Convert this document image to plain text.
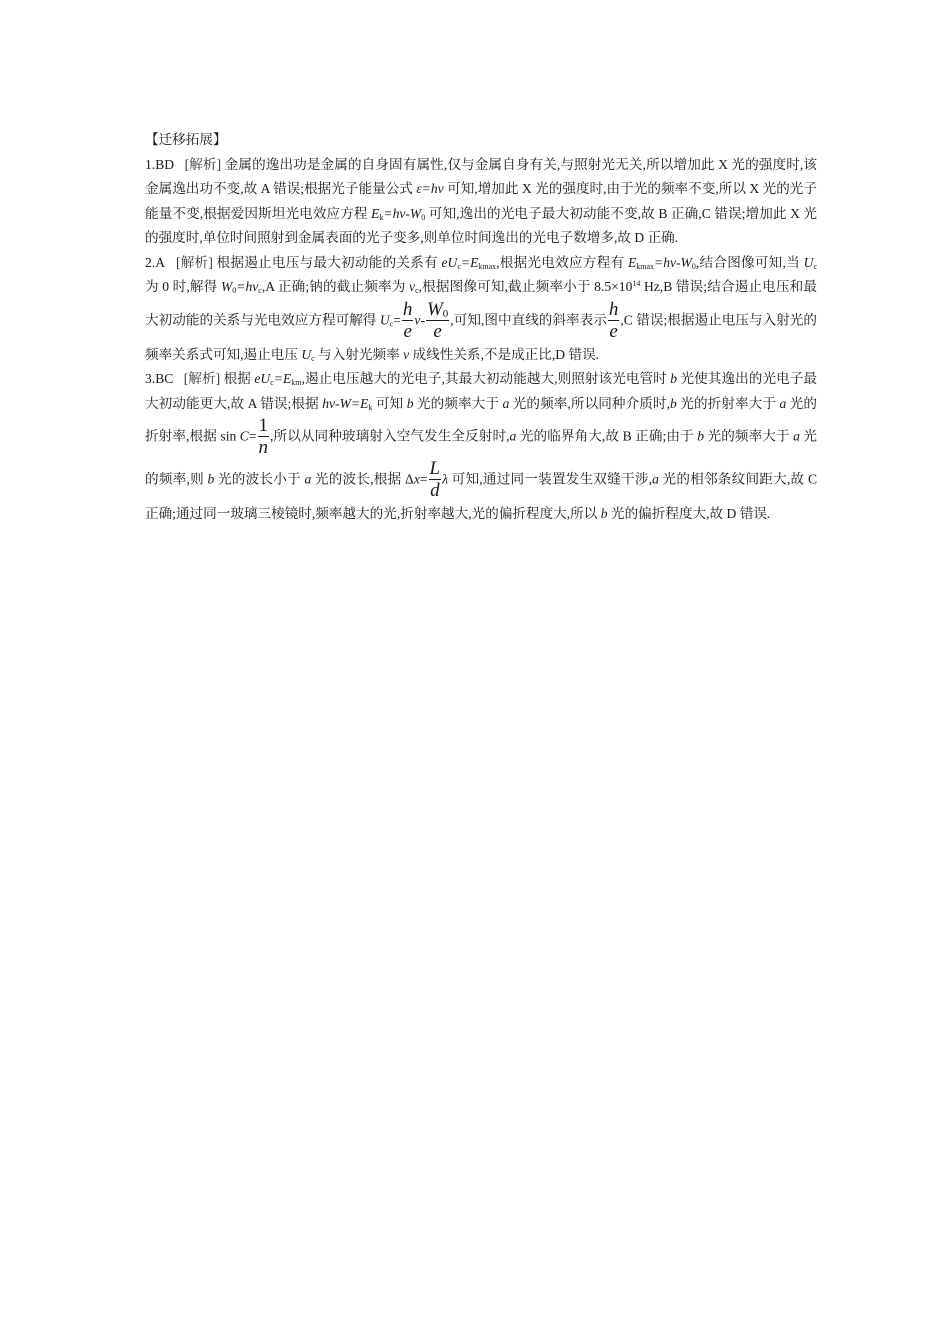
【迁移拓展】

1.BD [解析] 金属的逸出功是金属的自身固有属性,仅与金属自身有关,与照射光无关,所以增加此 X 光的强度时,该金属逸出功不变,故 A 错误;根据光子能量公式 ε=hν 可知,增加此 X 光的强度时,由于光的频率不变,所以 X 光的光子能量不变,根据爱因斯坦光电效应方程 $E_k=h\nu-W_0$ 可知,逸出的光电子最大初动能不变,故 B 正确,C 错误;增加此 X 光的强度时,单位时间照射到金属表面的光子变多,则单位时间逸出的光电子数增多,故 D 正确.

2.A [解析] 根据遏止电压与最大初动能的关系有 $eU_c=E_{kmax}$,根据光电效应方程有 $E_{kmax}=h\nu-W_0$,结合图像可知,当 $U_c$ 为 0 时,解得 $W_0=h\nu_c,A$ 正确;钠的截止频率为 $\nu_c$,根据图像可知,截止频率小于 $8.5\times 10^{14}$ Hz,B 错误;结合遏止电压和最大初动能的关系与光电效应方程可解得 $U_c= \frac{h}{e} \nu- \frac{W_0}{e}$ ,可知,图中直线的斜率表示 $\frac{h}{e} ,C$ 错误;根据遏止电压与入射光的频率关系式可知,遏止电压 $U_c$ 与入射光频率 ν 成线性关系,不是成正比,D 错误.

3.BC [解析] 根据 $eU_c=E_{km}$,遏止电压越大的光电子,其最大初动能越大,则照射该光电管时 b 光使其逸出的光电子最大初动能更大,故 A 错误;根据 $h\nu-W=E_k$ 可知 b 光的频率大于 a 光的频率,所以同种介质时,b 光的折射率大于 a 光的折射率,根据 $\sin C= \frac{1}{n}$ ,所以从同种玻璃射入空气发生全反射时,a 光的临界角大,故 B 正确;由于 b 光的频率大于 a 光的频率,则 b 光的波长小于 a 光的波长,根据 $\Delta x= \frac{L}{d}$ λ 可知,通过同一装置发生双缝干涉,a 光的相邻条纹间距大,故 C 正确;通过同一玻璃三棱镜时,频率越大的光,折射率越大,光的偏折程度大,所以 b 光的偏折程度大,故 D 错误.
